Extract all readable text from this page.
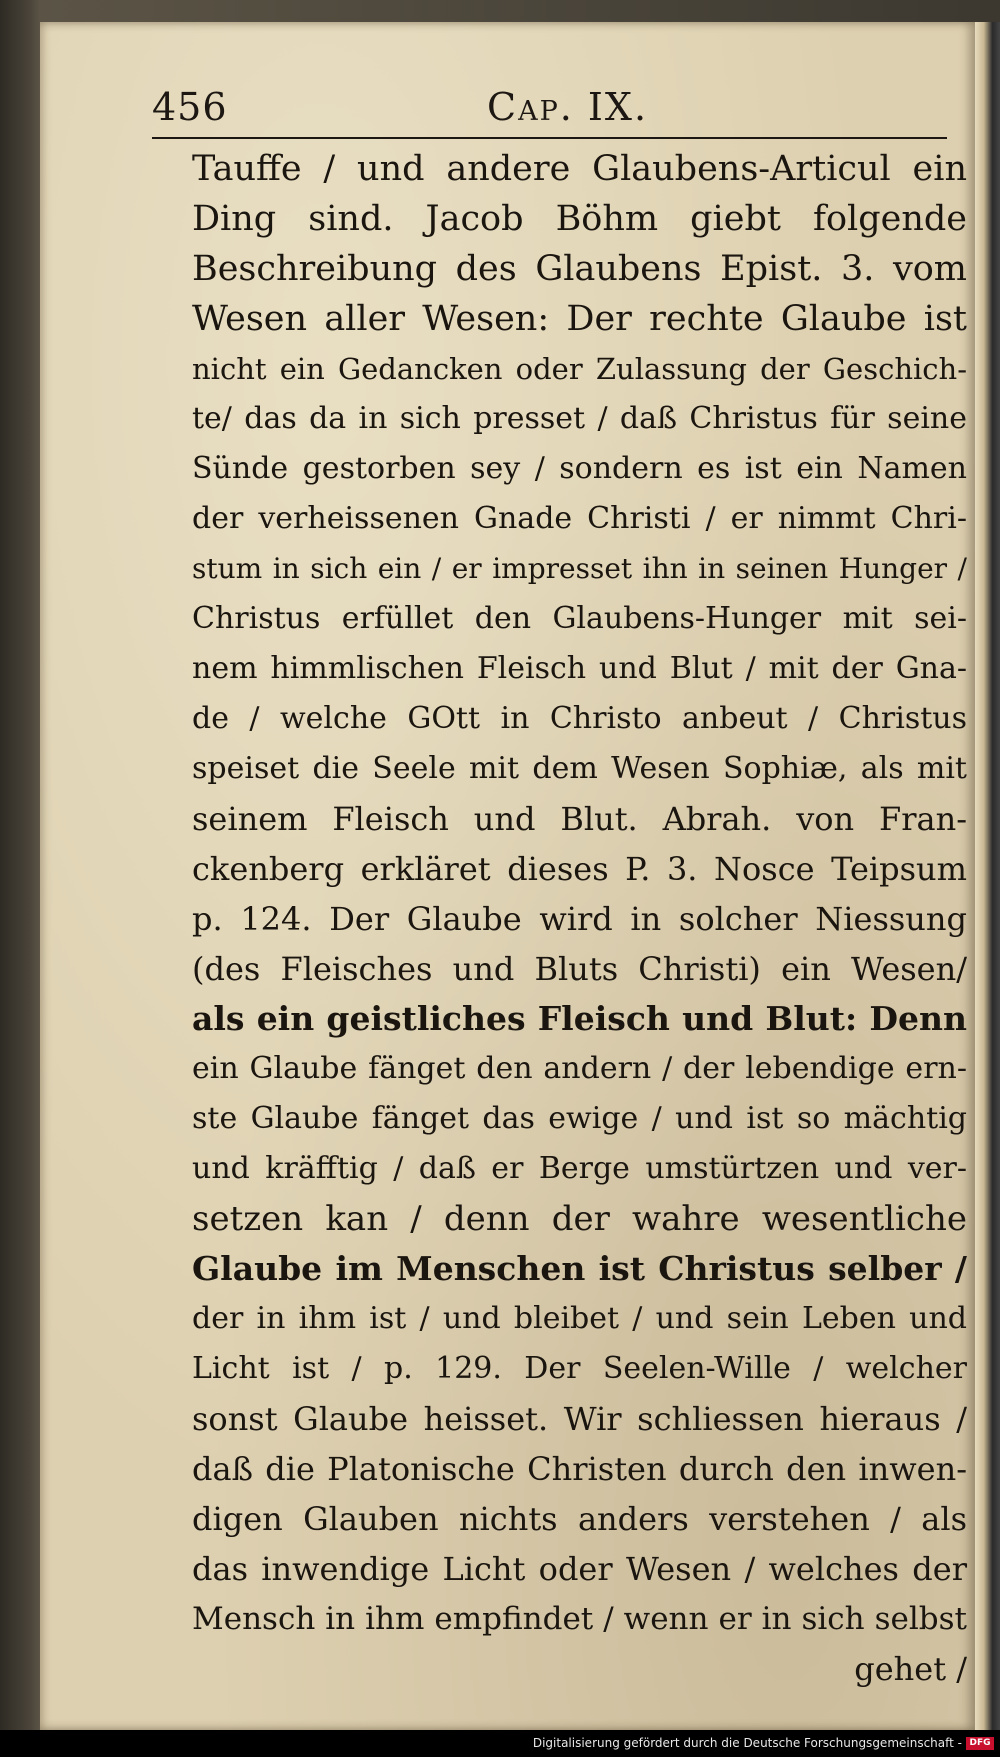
456	Cap. IX.
Tauffe / und andere Glaubens-Articul ein
Ding sind. Jacob Böhm giebt folgende
Beschreibung des Glaubens Epist. 3. vom
Wesen aller Wesen: Der rechte Glaube ist
nicht ein Gedancken oder Zulassung der Geschich-
te/ das da in sich presset / daß Christus für seine
Sünde gestorben sey / sondern es ist ein Namen
der verheissenen Gnade Christi / er nimmt Chri-
stum in sich ein / er impresset ihn in seinen Hunger /
Christus erfüllet den Glaubens-Hunger mit sei-
nem himmlischen Fleisch und Blut / mit der Gna-
de / welche GOtt in Christo anbeut / Christus
speiset die Seele mit dem Wesen Sophiæ, als mit
seinem Fleisch und Blut. Abrah. von Fran-
ckenberg erkläret dieses P. 3. Nosce Teipsum
p. 124. Der Glaube wird in solcher Niessung
(des Fleisches und Bluts Christi) ein Wesen/
als ein geistliches Fleisch und Blut: Denn
ein Glaube fänget den andern / der lebendige ern-
ste Glaube fänget das ewige / und ist so mächtig
und kräfftig / daß er Berge umstürtzen und ver-
setzen kan / denn der wahre wesentliche
Glaube im Menschen ist Christus selber /
der in ihm ist / und bleibet / und sein Leben und
Licht ist / p. 129. Der Seelen-Wille / welcher
sonst Glaube heisset. Wir schliessen hieraus /
daß die Platonische Christen durch den inwen-
digen Glauben nichts anders verstehen / als
das inwendige Licht oder Wesen / welches der
Mensch in ihm empfindet / wenn er in sich selbst
gehet /
Digitalisierung gefördert durch die Deutsche Forschungsgemeinschaft - DFG
